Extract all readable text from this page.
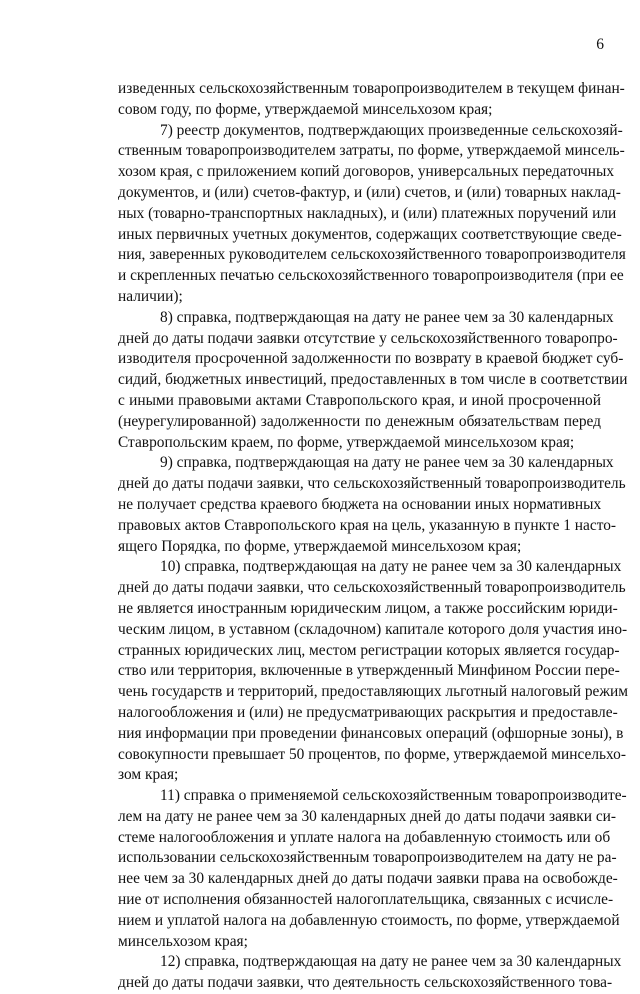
6
изведенных сельскохозяйственным товаропроизводителем в текущем финан-
совом году, по форме, утверждаемой минсельхозом края;
7) реестр документов, подтверждающих произведенные сельскохозяй-
ственным товаропроизводителем затраты, по форме, утверждаемой минсель-
хозом края, с приложением копий договоров, универсальных передаточных
документов, и (или) счетов-фактур, и (или) счетов, и (или) товарных наклад-
ных (товарно-транспортных накладных), и (или) платежных поручений или
иных первичных учетных документов, содержащих соответствующие сведе-
ния, заверенных руководителем сельскохозяйственного товаропроизводителя
и скрепленных печатью сельскохозяйственного товаропроизводителя (при ее
наличии);
8) справка, подтверждающая на дату не ранее чем за 30 календарных
дней до даты подачи заявки отсутствие у сельскохозяйственного товаропро-
изводителя просроченной задолженности по возврату в краевой бюджет суб-
сидий, бюджетных инвестиций, предоставленных в том числе в соответствии
с иными правовыми актами Ставропольского края, и иной просроченной
(неурегулированной) задолженности по денежным обязательствам перед
Ставропольским краем, по форме, утверждаемой минсельхозом края;
9) справка, подтверждающая на дату не ранее чем за 30 календарных
дней до даты подачи заявки, что сельскохозяйственный товаропроизводитель
не получает средства краевого бюджета на основании иных нормативных
правовых актов Ставропольского края на цель, указанную в пункте 1 насто-
ящего Порядка, по форме, утверждаемой минсельхозом края;
10) справка, подтверждающая на дату не ранее чем за 30 календарных
дней до даты подачи заявки, что сельскохозяйственный товаропроизводитель
не является иностранным юридическим лицом, а также российским юриди-
ческим лицом, в уставном (складочном) капитале которого доля участия ино-
странных юридических лиц, местом регистрации которых является государ-
ство или территория, включенные в утвержденный Минфином России пере-
чень государств и территорий, предоставляющих льготный налоговый режим
налогообложения и (или) не предусматривающих раскрытия и предоставле-
ния информации при проведении финансовых операций (офшорные зоны), в
совокупности превышает 50 процентов, по форме, утверждаемой минсельхо-
зом края;
11) справка о применяемой сельскохозяйственным товаропроизводите-
лем на дату не ранее чем за 30 календарных дней до даты подачи заявки си-
стеме налогообложения и уплате налога на добавленную стоимость или об
использовании сельскохозяйственным товаропроизводителем на дату не ра-
нее чем за 30 календарных дней до даты подачи заявки права на освобожде-
ние от исполнения обязанностей налогоплательщика, связанных с исчисле-
нием и уплатой налога на добавленную стоимость, по форме, утверждаемой
минсельхозом края;
12) справка, подтверждающая на дату не ранее чем за 30 календарных
дней до даты подачи заявки, что деятельность сельскохозяйственного това-
